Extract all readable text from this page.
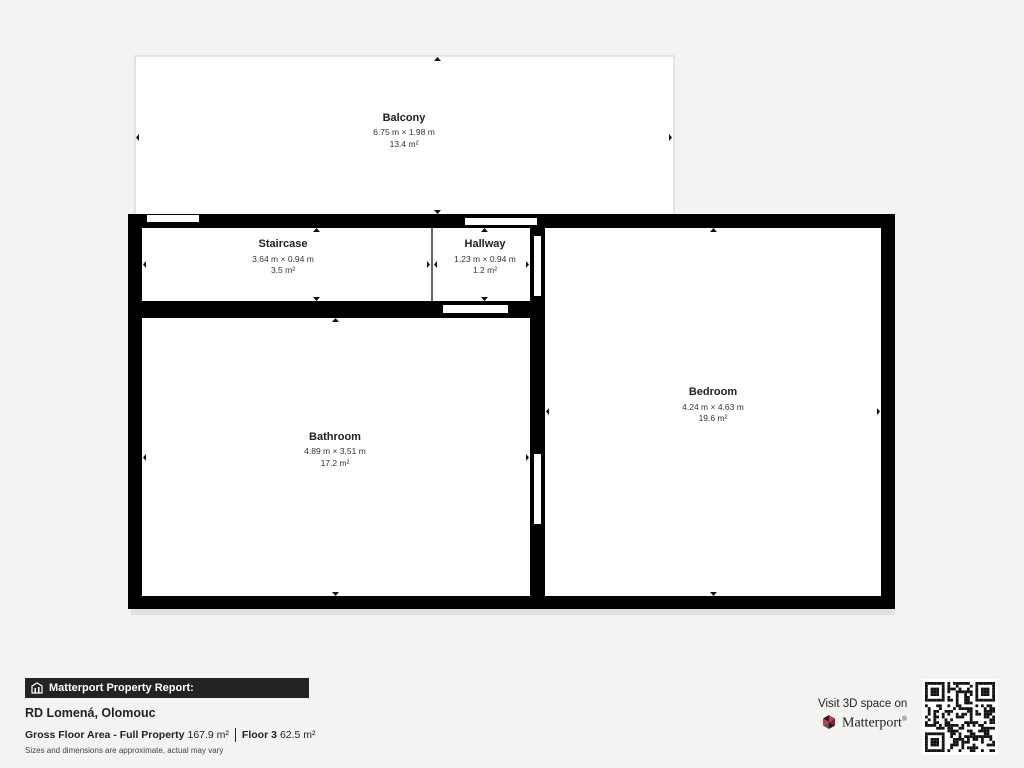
Balcony
6.75 m × 1.98 m
13.4 m²
Staircase
3.64 m × 0.94 m
3.5 m²
Hallway
1.23 m × 0.94 m
1.2 m²
Bathroom
4.89 m × 3.51 m
17.2 m²
Bedroom
4.24 m × 4.63 m
19.6 m²
Matterport Property Report:
RD Lomená, Olomouc
Gross Floor Area - Full Property 167.9 m² Floor 3 62.5 m²
Sizes and dimensions are approximate, actual may vary
Visit 3D space on
Matterport®
